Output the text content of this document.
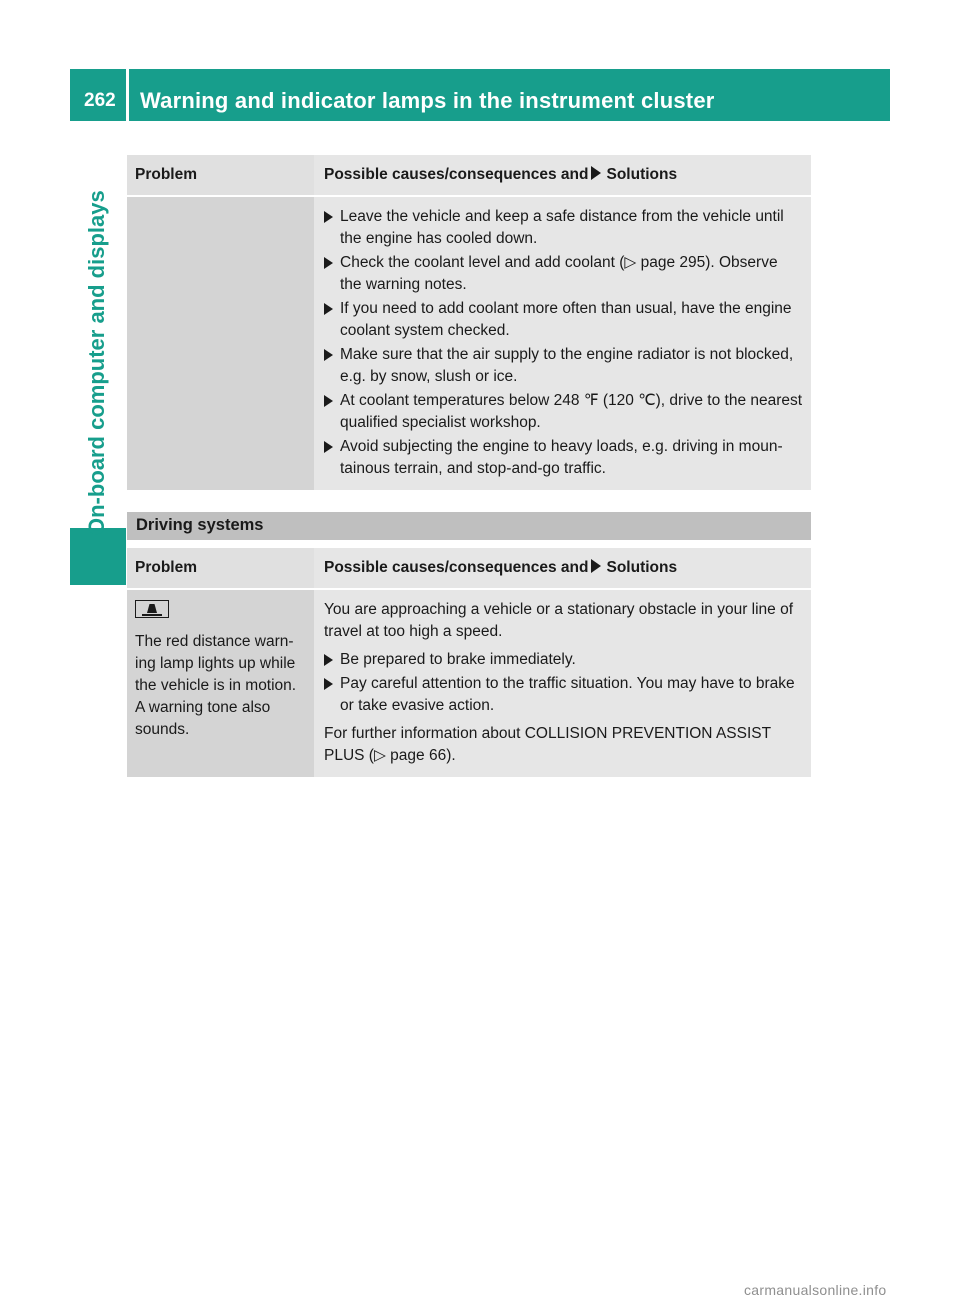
262 Warning and indicator lamps in the instrument cluster
On-board computer and displays
Problem	Possible causes/consequences and Solutions
Leave the vehicle and keep a safe distance from the vehicle until the engine has cooled down.
Check the coolant level and add coolant (▷ page 295). Observe the warning notes.
If you need to add coolant more often than usual, have the engine coolant system checked.
Make sure that the air supply to the engine radiator is not blocked, e.g. by snow, slush or ice.
At coolant temperatures below 248 ℉ (120 ℃), drive to the nearest qualified specialist workshop.
Avoid subjecting the engine to heavy loads, e.g. driving in moun-tainous terrain, and stop-and-go traffic.
Driving systems
Problem	Possible causes/consequences and Solutions
The red distance warn-ing lamp lights up while the vehicle is in motion. A warning tone also sounds.
You are approaching a vehicle or a stationary obstacle in your line of travel at too high a speed.
Be prepared to brake immediately.
Pay careful attention to the traffic situation. You may have to brake or take evasive action.
For further information about COLLISION PREVENTION ASSIST PLUS (▷ page 66).
carmanualsonline.info
